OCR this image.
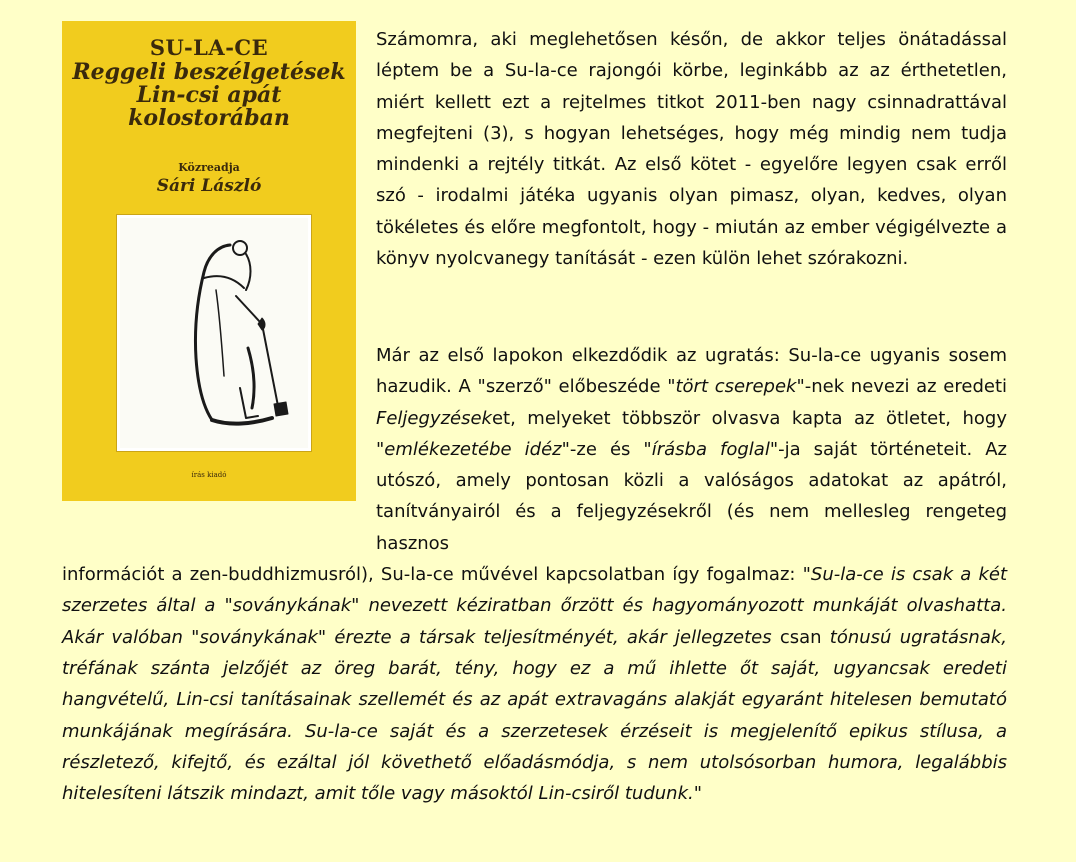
SU-LA-CE
Reggeli beszélgetések
Lin-csi apát
kolostorában
Közreadja
Sári László
írás kiadó

Számomra, aki meglehetősen későn, de akkor teljes önátadással léptem be a Su-la-ce rajongói körbe, leginkább az az érthetetlen, miért kellett ezt a rejtelmes titkot 2011-ben nagy csinnadrattával megfejteni (3), s hogyan lehetséges, hogy még mindig nem tudja mindenki a rejtély titkát. Az első kötet - egyelőre legyen csak erről szó - irodalmi játéka ugyanis olyan pimasz, olyan, kedves, olyan tökéletes és előre megfontolt, hogy - miután az ember végigélvezte a könyv nyolcvanegy tanítását - ezen külön lehet szórakozni.

Már az első lapokon elkezdődik az ugratás: Su-la-ce ugyanis sosem hazudik. A "szerző" előbeszéde "tört cserepek"-nek nevezi az eredeti Feljegyzéseket, melyeket többször olvasva kapta az ötletet, hogy "emlékezetébe idéz"-ze és "írásba foglal"-ja saját történeteit. Az utószó, amely pontosan közli a valóságos adatokat az apátról, tanítványairól és a feljegyzésekről (és nem mellesleg rengeteg hasznos
információt a zen-buddhizmusról), Su-la-ce művével kapcsolatban így fogalmaz: "Su-la-ce is csak a két szerzetes által a "soványkának" nevezett kéziratban őrzött és hagyományozott munkáját olvashatta. Akár valóban "soványkának" érezte a társak teljesítményét, akár jellegzetes csan tónusú ugratásnak, tréfának szánta jelzőjét az öreg barát, tény, hogy ez a mű ihlette őt saját, ugyancsak eredeti hangvételű, Lin-csi tanításainak szellemét és az apát extravagáns alakját egyaránt hitelesen bemutató munkájának megírására. Su-la-ce saját és a szerzetesek érzéseit is megjelenítő epikus stílusa, a részletező, kifejtő, és ezáltal jól követhető előadásmódja, s nem utolsósorban humora, legalábbis hitelesíteni látszik mindazt, amit tőle vagy másoktól Lin-csiről tudunk."
